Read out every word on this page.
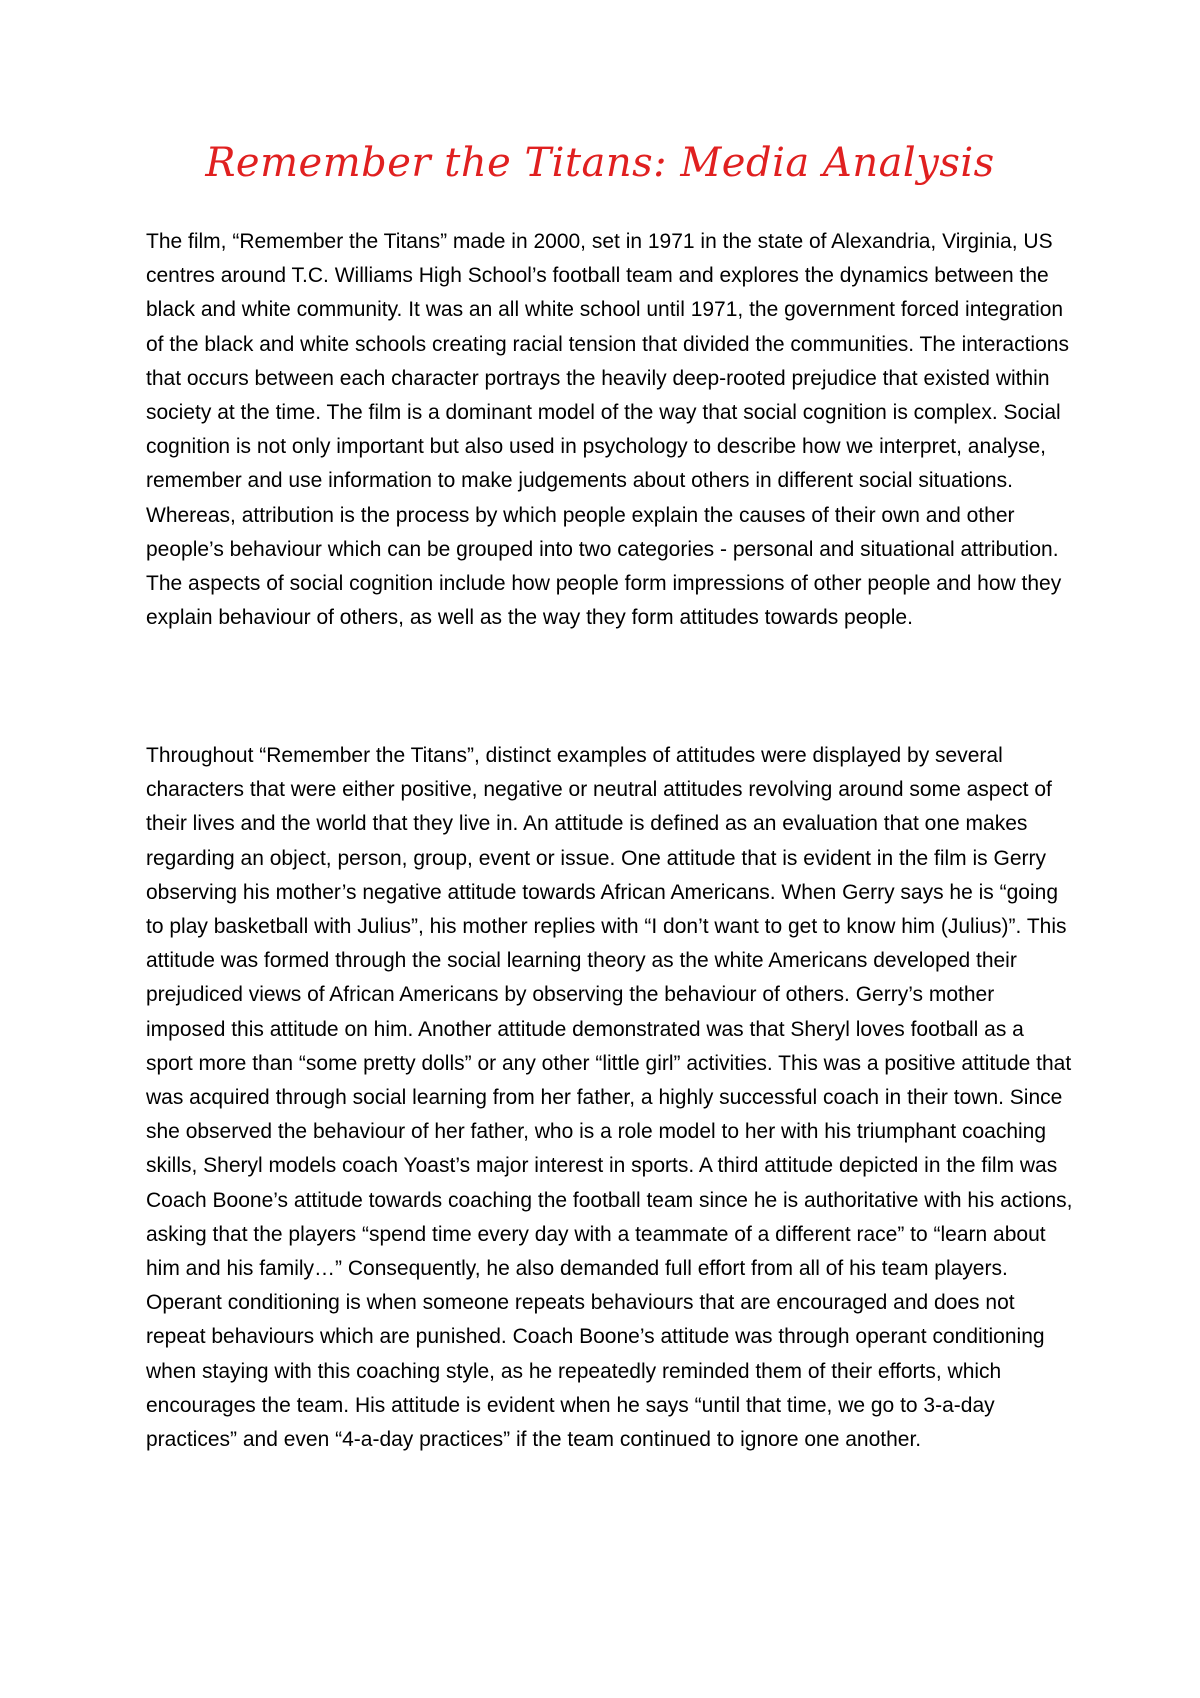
Remember the Titans: Media Analysis

The film, “Remember the Titans” made in 2000, set in 1971 in the state of Alexandria, Virginia, US centres around T.C. Williams High School’s football team and explores the dynamics between the black and white community. It was an all white school until 1971, the government forced integration of the black and white schools creating racial tension that divided the communities. The interactions that occurs between each character portrays the heavily deep-rooted prejudice that existed within society at the time. The film is a dominant model of the way that social cognition is complex. Social cognition is not only important but also used in psychology to describe how we interpret, analyse, remember and use information to make judgements about others in different social situations. Whereas, attribution is the process by which people explain the causes of their own and other people’s behaviour which can be grouped into two categories - personal and situational attribution. The aspects of social cognition include how people form impressions of other people and how they explain behaviour of others, as well as the way they form attitudes towards people.

Throughout “Remember the Titans”, distinct examples of attitudes were displayed by several characters that were either positive, negative or neutral attitudes revolving around some aspect of their lives and the world that they live in. An attitude is defined as an evaluation that one makes regarding an object, person, group, event or issue. One attitude that is evident in the film is Gerry observing his mother’s negative attitude towards African Americans. When Gerry says he is “going to play basketball with Julius”, his mother replies with “I don’t want to get to know him (Julius)”. This attitude was formed through the social learning theory as the white Americans developed their prejudiced views of African Americans by observing the behaviour of others. Gerry’s mother imposed this attitude on him. Another attitude demonstrated was that Sheryl loves football as a sport more than “some pretty dolls” or any other “little girl” activities. This was a positive attitude that was acquired through social learning from her father, a highly successful coach in their town. Since she observed the behaviour of her father, who is a role model to her with his triumphant coaching skills, Sheryl models coach Yoast’s major interest in sports. A third attitude depicted in the film was Coach Boone’s attitude towards coaching the football team since he is authoritative with his actions, asking that the players “spend time every day with a teammate of a different race” to “learn about him and his family…” Consequently, he also demanded full effort from all of his team players. Operant conditioning is when someone repeats behaviours that are encouraged and does not repeat behaviours which are punished. Coach Boone’s attitude was through operant conditioning when staying with this coaching style, as he repeatedly reminded them of their efforts, which encourages the team. His attitude is evident when he says “until that time, we go to 3-a-day practices” and even “4-a-day practices” if the team continued to ignore one another.
